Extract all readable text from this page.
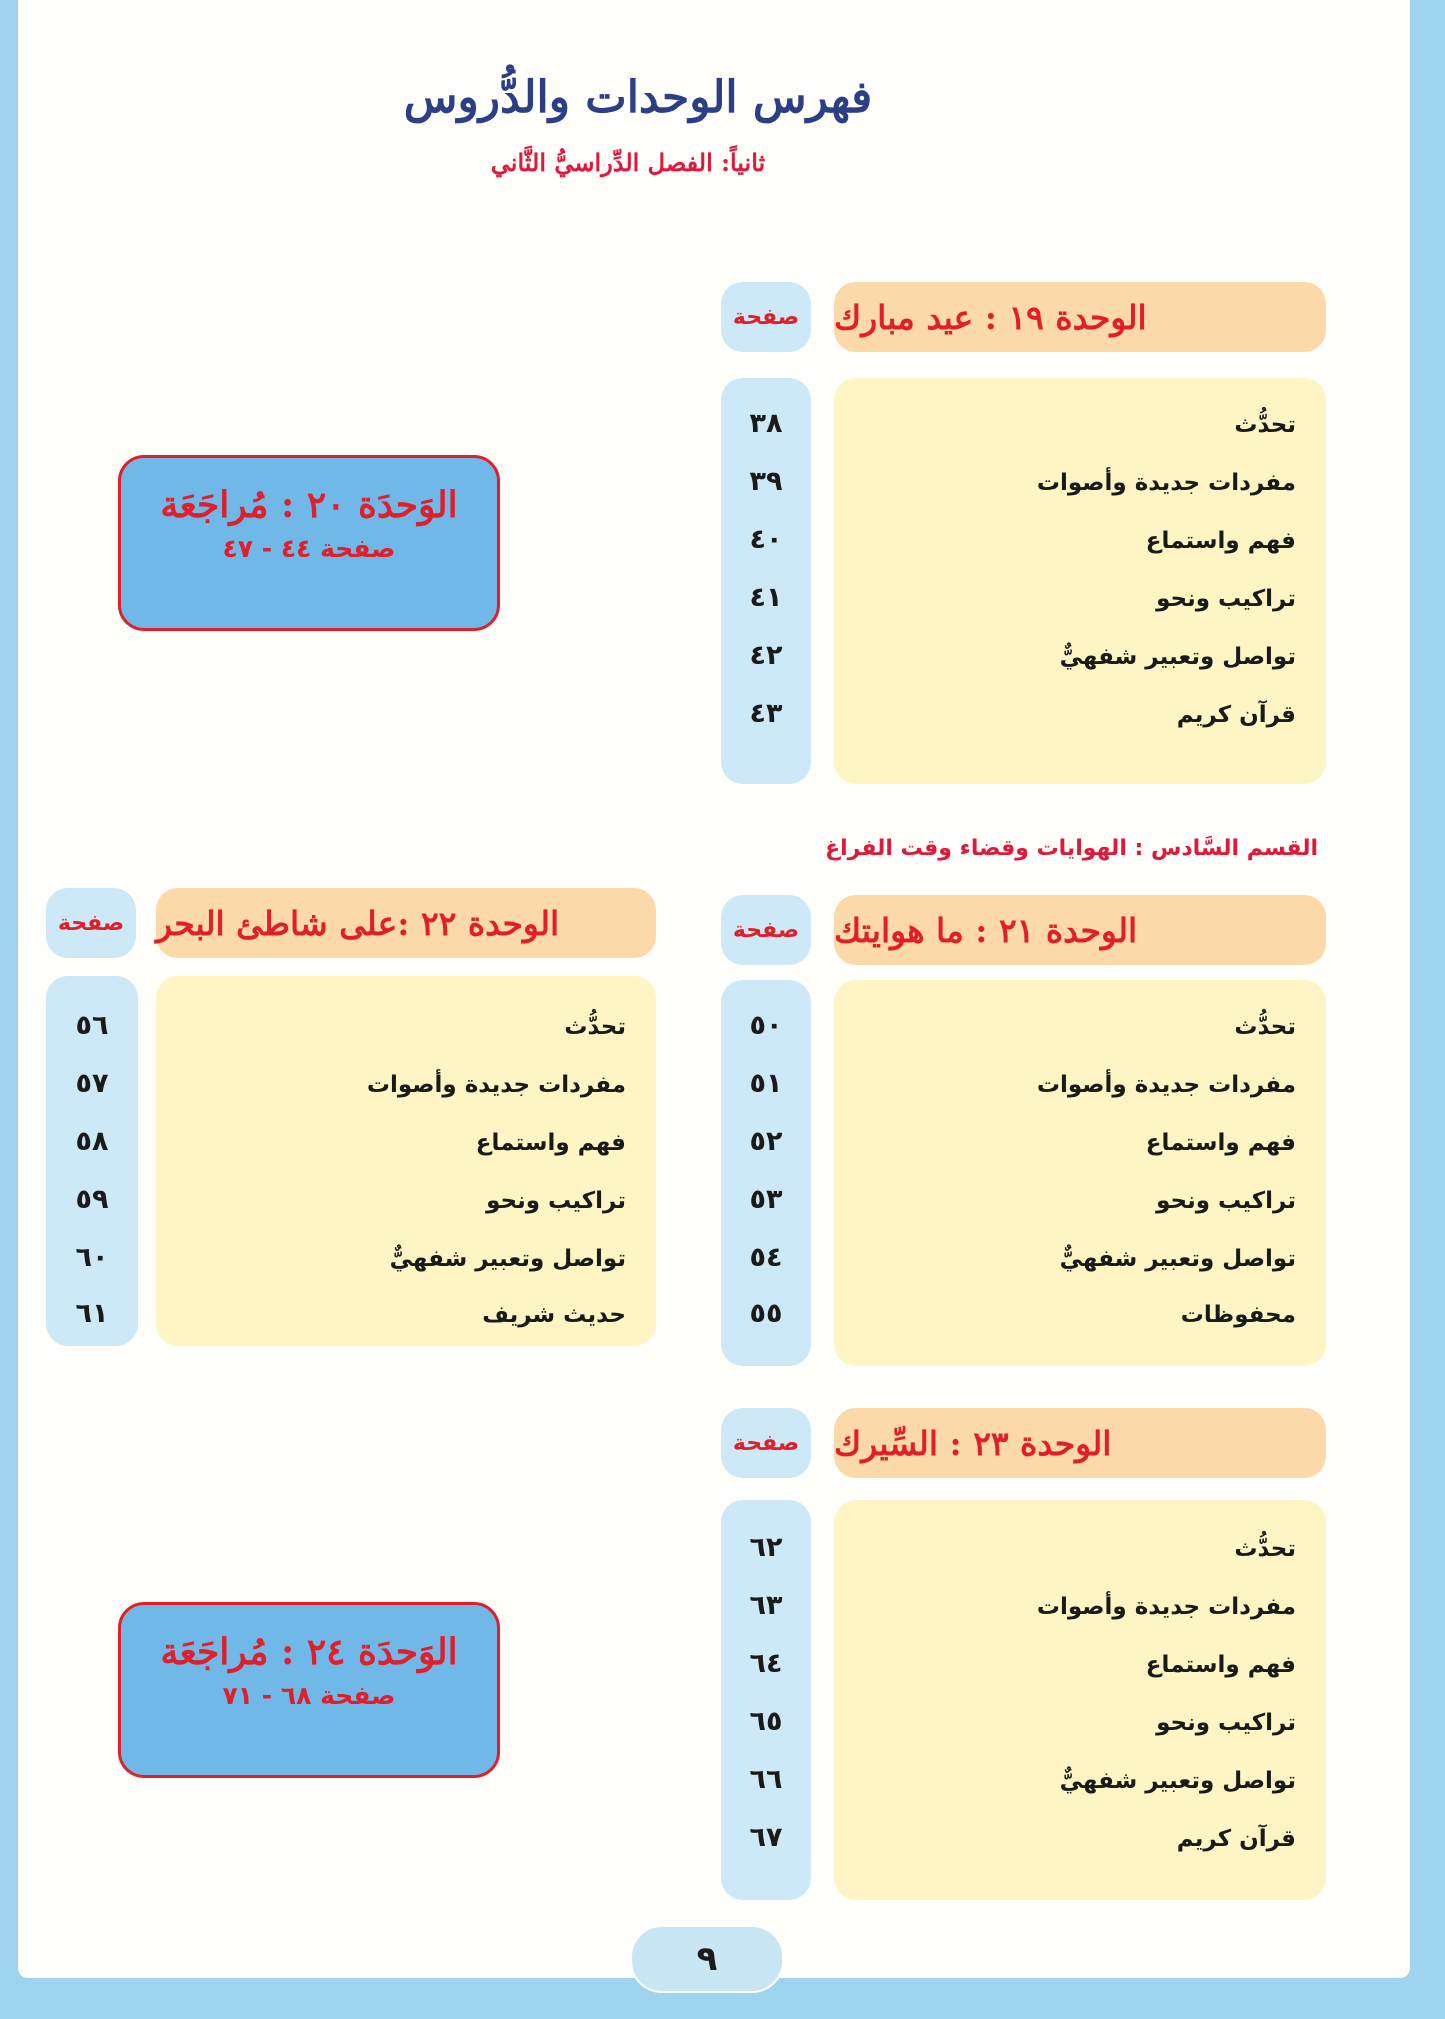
فهرس الوحدات والدُّروس
ثانياً: الفصل الدِّراسيُّ الثَّاني
الوحدة ١٩ : عيد مبارك
صفحة
تحدُّث
مفردات جديدة وأصوات
فهم واستماع
تراكيب ونحو
تواصل وتعبير شفهيٌّ
قرآن كريم
٣٨
٣٩
٤٠
٤١
٤٢
٤٣
الوَحدَة ٢٠ : مُراجَعَة
صفحة ٤٤ - ٤٧
القسم السَّادس : الهوايات وقضاء وقت الفراغ
الوحدة ٢١ : ما هوايتك
صفحة
تحدُّث
مفردات جديدة وأصوات
فهم واستماع
تراكيب ونحو
تواصل وتعبير شفهيٌّ
محفوظات
٥٠
٥١
٥٢
٥٣
٥٤
٥٥
الوحدة ٢٢ :على شاطئ البحر
صفحة
تحدُّث
مفردات جديدة وأصوات
فهم واستماع
تراكيب ونحو
تواصل وتعبير شفهيٌّ
حديث شريف
٥٦
٥٧
٥٨
٥٩
٦٠
٦١
الوحدة ٢٣ : السِّيرك
صفحة
تحدُّث
مفردات جديدة وأصوات
فهم واستماع
تراكيب ونحو
تواصل وتعبير شفهيٌّ
قرآن كريم
٦٢
٦٣
٦٤
٦٥
٦٦
٦٧
الوَحدَة ٢٤ : مُراجَعَة
صفحة ٦٨ - ٧١
٩
